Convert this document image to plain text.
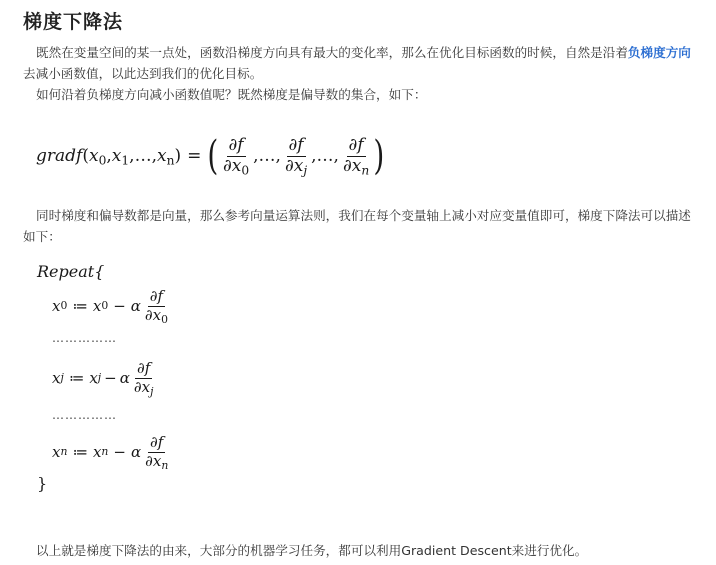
梯度下降法
既然在变量空间的某一点处，函数沿梯度方向具有最大的变化率，那么在优化目标函数的时候，自然是沿着负梯度方向
去减小函数值，以此达到我们的优化目标。
如何沿着负梯度方向减小函数值呢？既然梯度是偏导数的集合，如下：
gradf $(x_0,x_1,\dots,x_n)$ = ( $\frac{\partial f}{\partial x_0}$ ,…, $\frac{\partial f}{\partial x_j}$ ,…, $\frac{\partial f}{\partial x_n}$ )
同时梯度和偏导数都是向量，那么参考向量运算法则，我们在每个变量轴上减小对应变量值即可，梯度下降法可以描述
如下：
Repeat{
x 0 ≔ x 0 − α $\frac{\partial f}{\partial x_0}$
……………
x j ≔ x j − α $\frac{\partial f}{\partial x_j}$
……………
x n ≔ x n − α $\frac{\partial f}{\partial x_n}$
}
以上就是梯度下降法的由来，大部分的机器学习任务，都可以利用Gradient Descent来进行优化。
